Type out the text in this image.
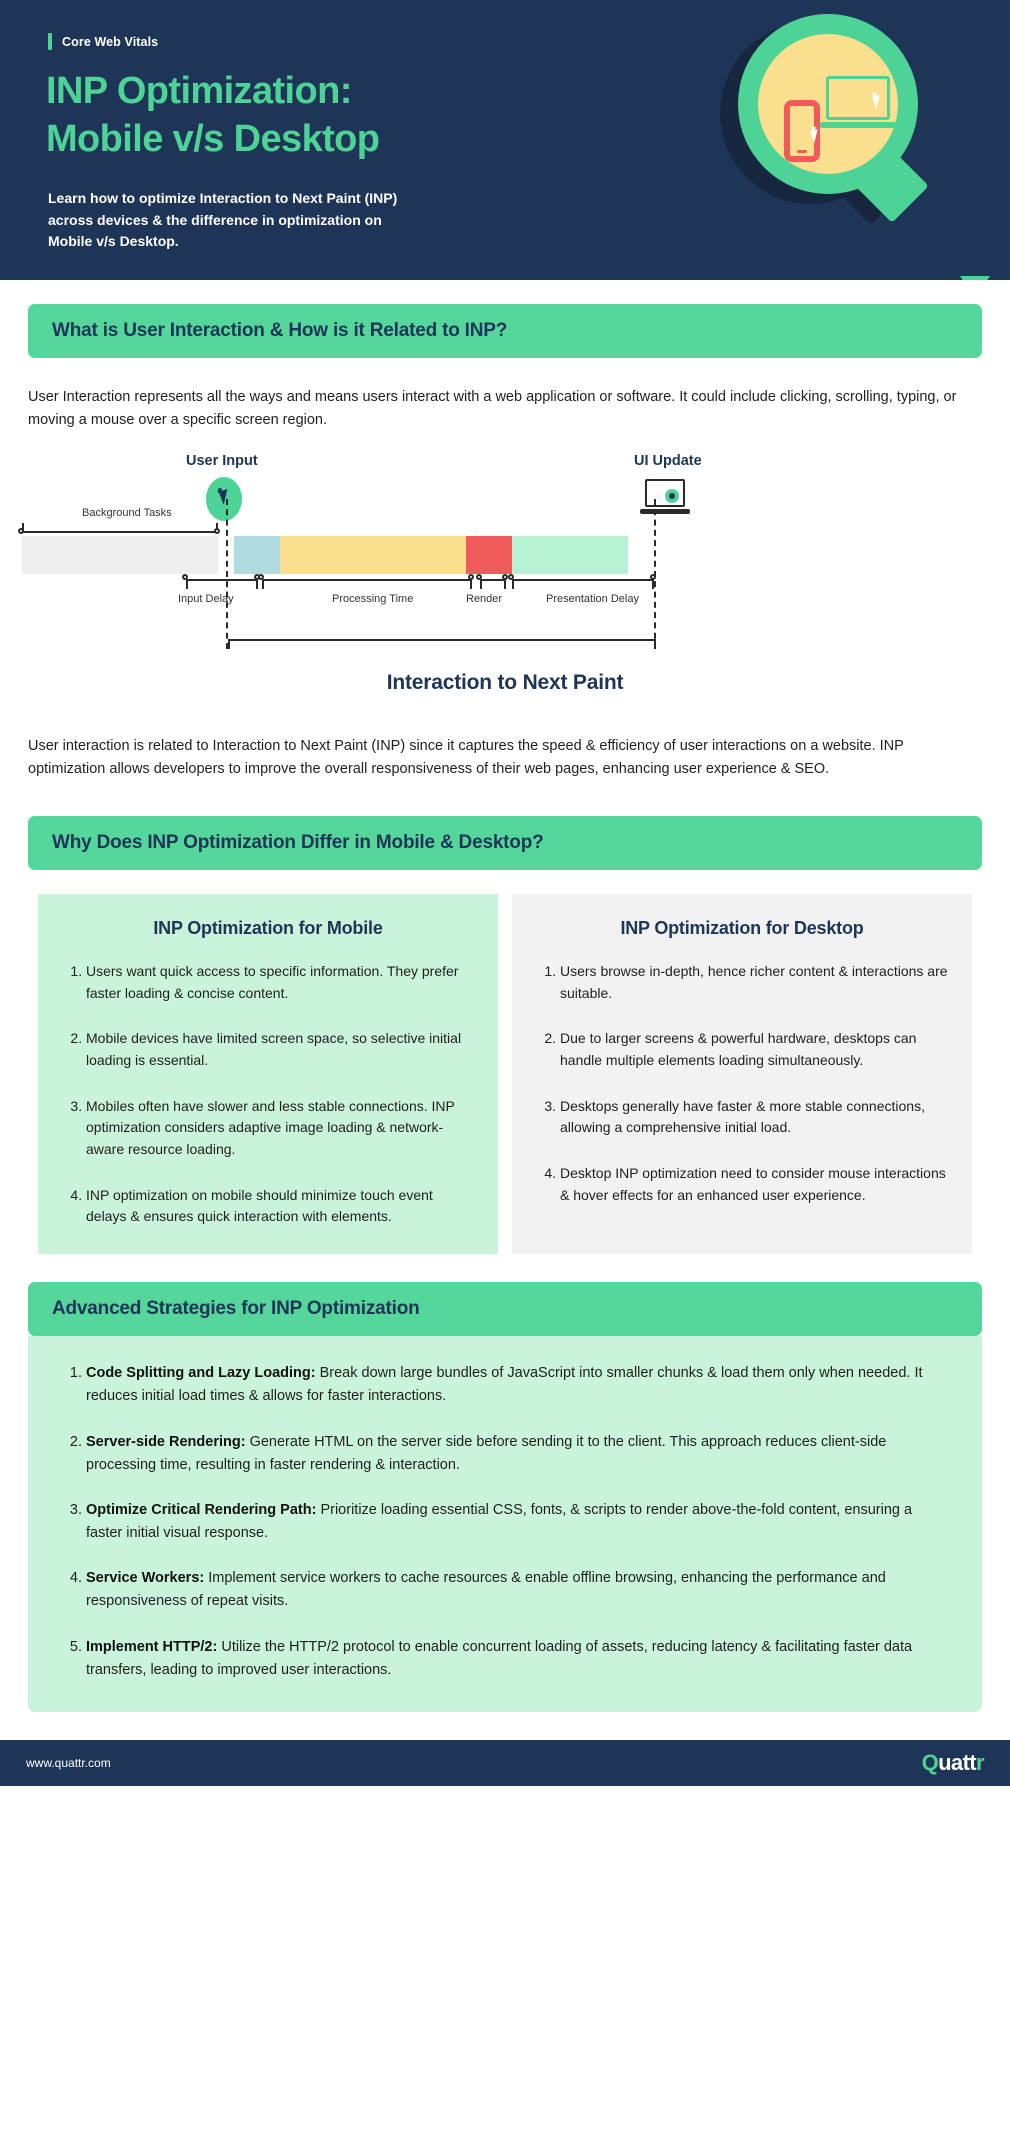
Core Web Vitals
INP Optimization:
Mobile v/s Desktop
Learn how to optimize Interaction to Next Paint (INP)
across devices & the difference in optimization on
Mobile v/s Desktop.
What is User Interaction & How is it Related to INP?

User Interaction represents all the ways and means users interact with a web application or software. It could include clicking, scrolling, typing, or moving a mouse over a specific screen region.

User Input	UI Update
Background Tasks
Input Delay	Processing Time	Render	Presentation Delay
Interaction to Next Paint

User interaction is related to Interaction to Next Paint (INP) since it captures the speed & efficiency of user interactions on a website. INP optimization allows developers to improve the overall responsiveness of their web pages, enhancing user experience & SEO.

Why Does INP Optimization Differ in Mobile & Desktop?
INP Optimization for Mobile
1. Users want quick access to specific information. They prefer faster loading & concise content.
2. Mobile devices have limited screen space, so selective initial loading is essential.
3. Mobiles often have slower and less stable connections. INP optimization considers adaptive image loading & network-aware resource loading.
4. INP optimization on mobile should minimize touch event delays & ensures quick interaction with elements.
INP Optimization for Desktop
1. Users browse in-depth, hence richer content & interactions are suitable.
2. Due to larger screens & powerful hardware, desktops can handle multiple elements loading simultaneously.
3. Desktops generally have faster & more stable connections, allowing a comprehensive initial load.
4. Desktop INP optimization need to consider mouse interactions & hover effects for an enhanced user experience.
Advanced Strategies for INP Optimization
1. Code Splitting and Lazy Loading: Break down large bundles of JavaScript into smaller chunks & load them only when needed. It reduces initial load times & allows for faster interactions.
2. Server-side Rendering: Generate HTML on the server side before sending it to the client. This approach reduces client-side processing time, resulting in faster rendering & interaction.
3. Optimize Critical Rendering Path: Prioritize loading essential CSS, fonts, & scripts to render above-the-fold content, ensuring a faster initial visual response.
4. Service Workers: Implement service workers to cache resources & enable offline browsing, enhancing the performance and responsiveness of repeat visits.
5. Implement HTTP/2: Utilize the HTTP/2 protocol to enable concurrent loading of assets, reducing latency & facilitating faster data transfers, leading to improved user interactions.
www.quattr.com	Quattr
